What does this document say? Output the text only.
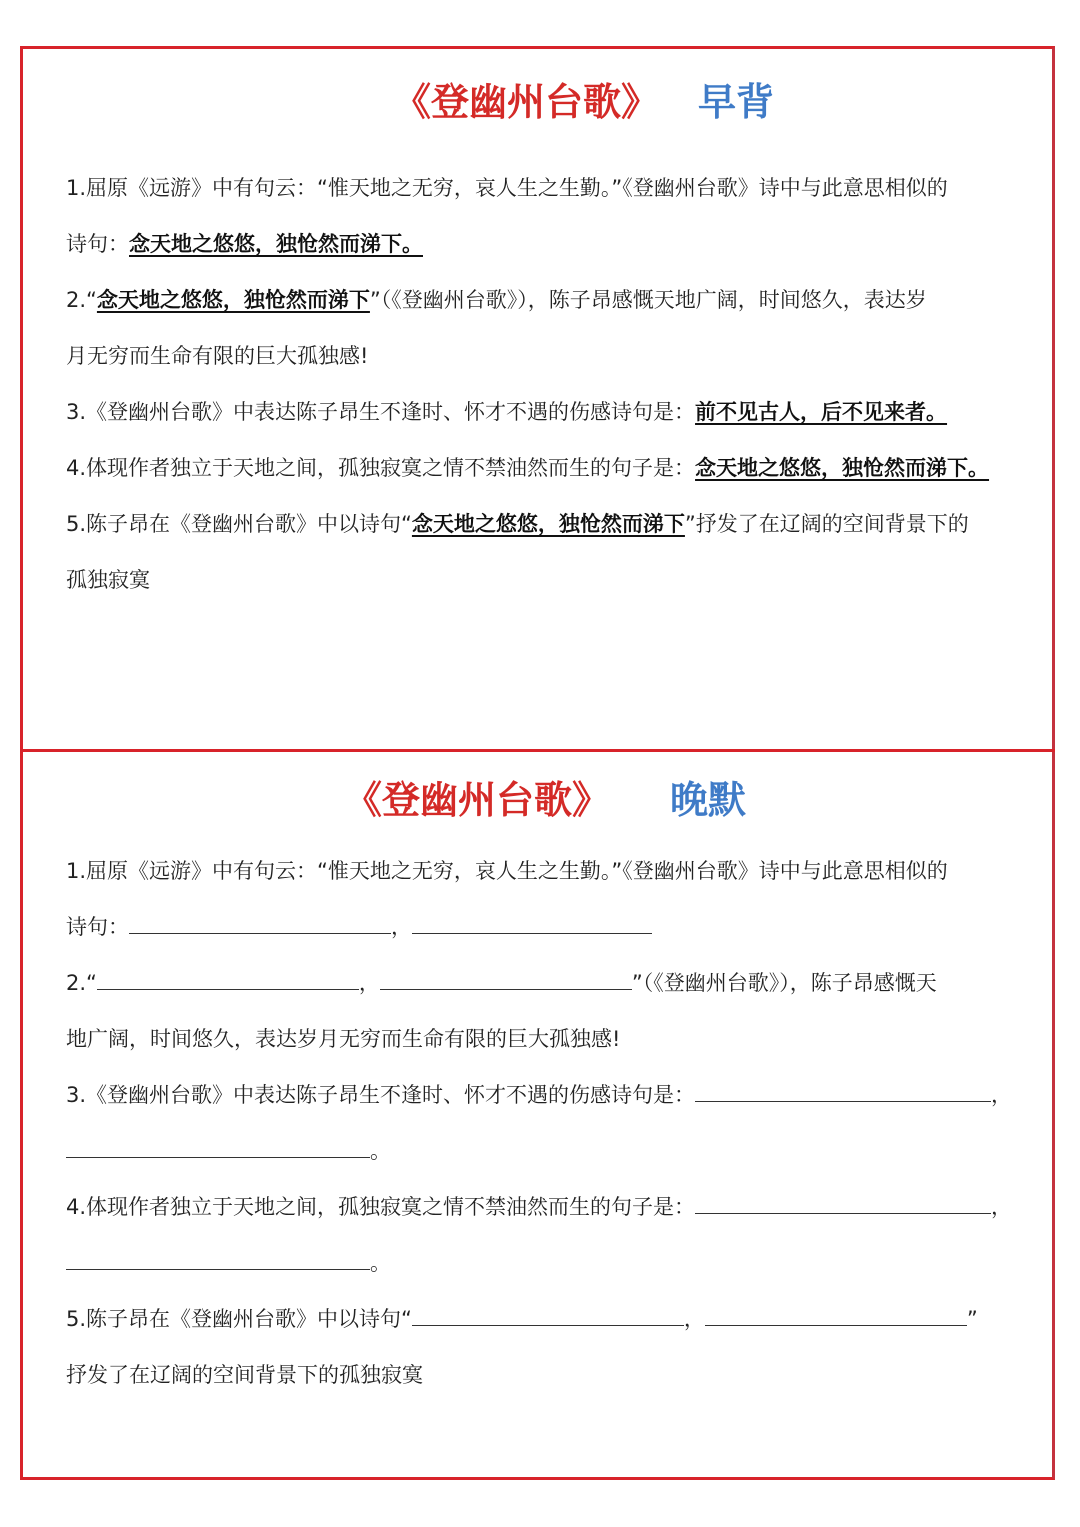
《登幽州台歌》 早背
1.屈原《远游》中有句云：“惟天地之无穷，哀人生之生勤。”《登幽州台歌》诗中与此意思相似的
诗句：念天地之悠悠，独怆然而涕下。
2.“念天地之悠悠，独怆然而涕下”（《登幽州台歌》），陈子昂感慨天地广阔，时间悠久，表达岁
月无穷而生命有限的巨大孤独感!
3.《登幽州台歌》中表达陈子昂生不逢时、怀才不遇的伤感诗句是：前不见古人，后不见来者。
4.体现作者独立于天地之间，孤独寂寞之情不禁油然而生的句子是：念天地之悠悠，独怆然而涕下。
5.陈子昂在《登幽州台歌》中以诗句“念天地之悠悠，独怆然而涕下”抒发了在辽阔的空间背景下的
孤独寂寞
《登幽州台歌》 晚默
1.屈原《远游》中有句云：“惟天地之无穷，哀人生之生勤。”《登幽州台歌》诗中与此意思相似的
诗句：	，
2.“	，	”（《登幽州台歌》），陈子昂感慨天
地广阔，时间悠久，表达岁月无穷而生命有限的巨大孤独感!
3.《登幽州台歌》中表达陈子昂生不逢时、怀才不遇的伤感诗句是：	，
。
4.体现作者独立于天地之间，孤独寂寞之情不禁油然而生的句子是：	，
。
5.陈子昂在《登幽州台歌》中以诗句“	，	”
抒发了在辽阔的空间背景下的孤独寂寞
